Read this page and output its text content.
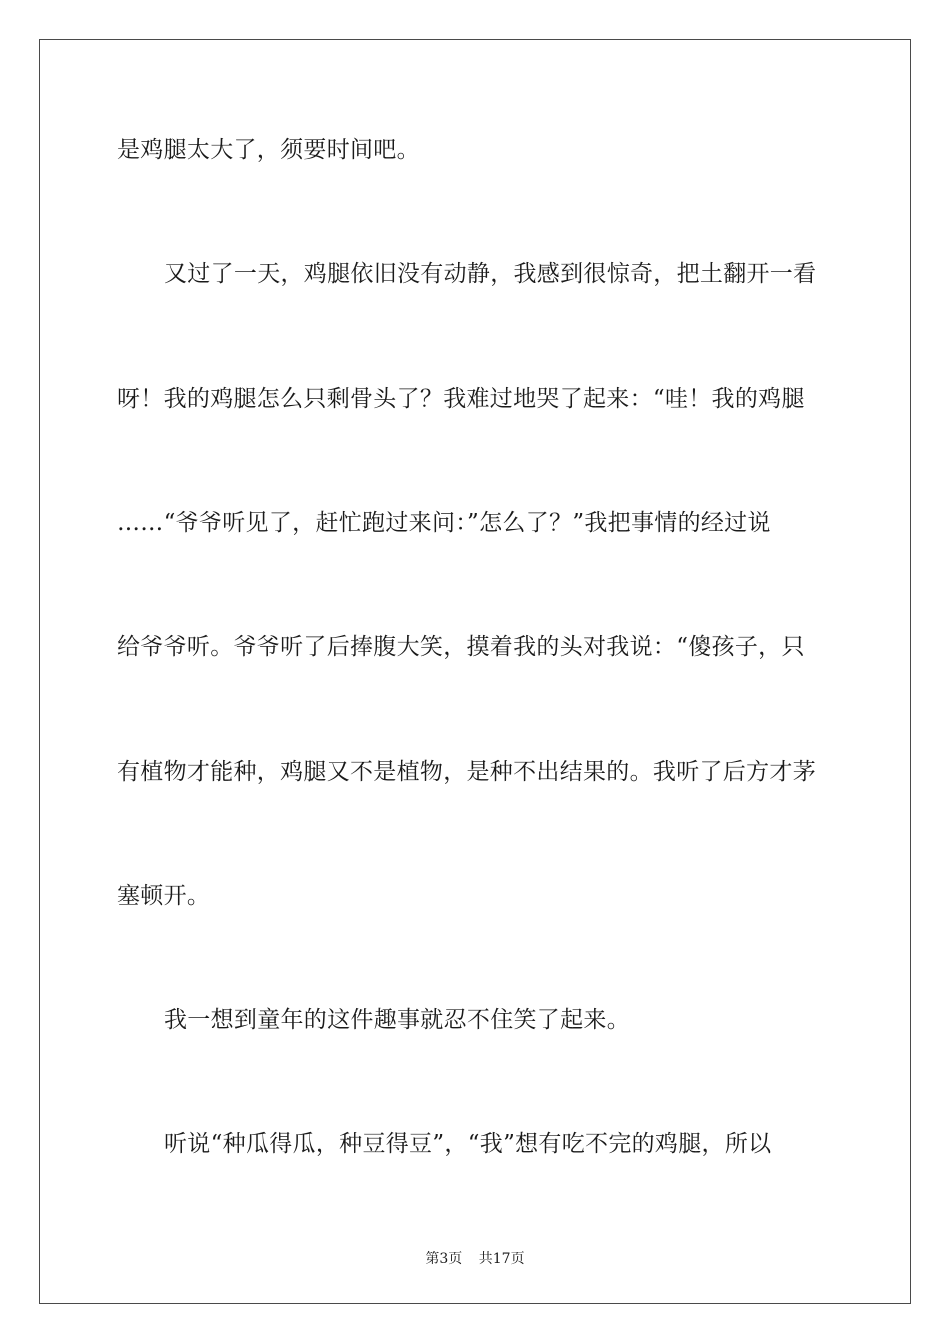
是鸡腿太大了，须要时间吧。
又过了一天，鸡腿依旧没有动静，我感到很惊奇，把土翻开一看
呀！我的鸡腿怎么只剩骨头了？我难过地哭了起来：“哇！我的鸡腿
……“爷爷听见了，赶忙跑过来问：”怎么了？”我把事情的经过说
给爷爷听。爷爷听了后捧腹大笑，摸着我的头对我说：“傻孩子，只
有植物才能种，鸡腿又不是植物，是种不出结果的。我听了后方才茅
塞顿开。
我一想到童年的这件趣事就忍不住笑了起来。
听说“种瓜得瓜，种豆得豆”，“我”想有吃不完的鸡腿，所以
第3页 共17页
